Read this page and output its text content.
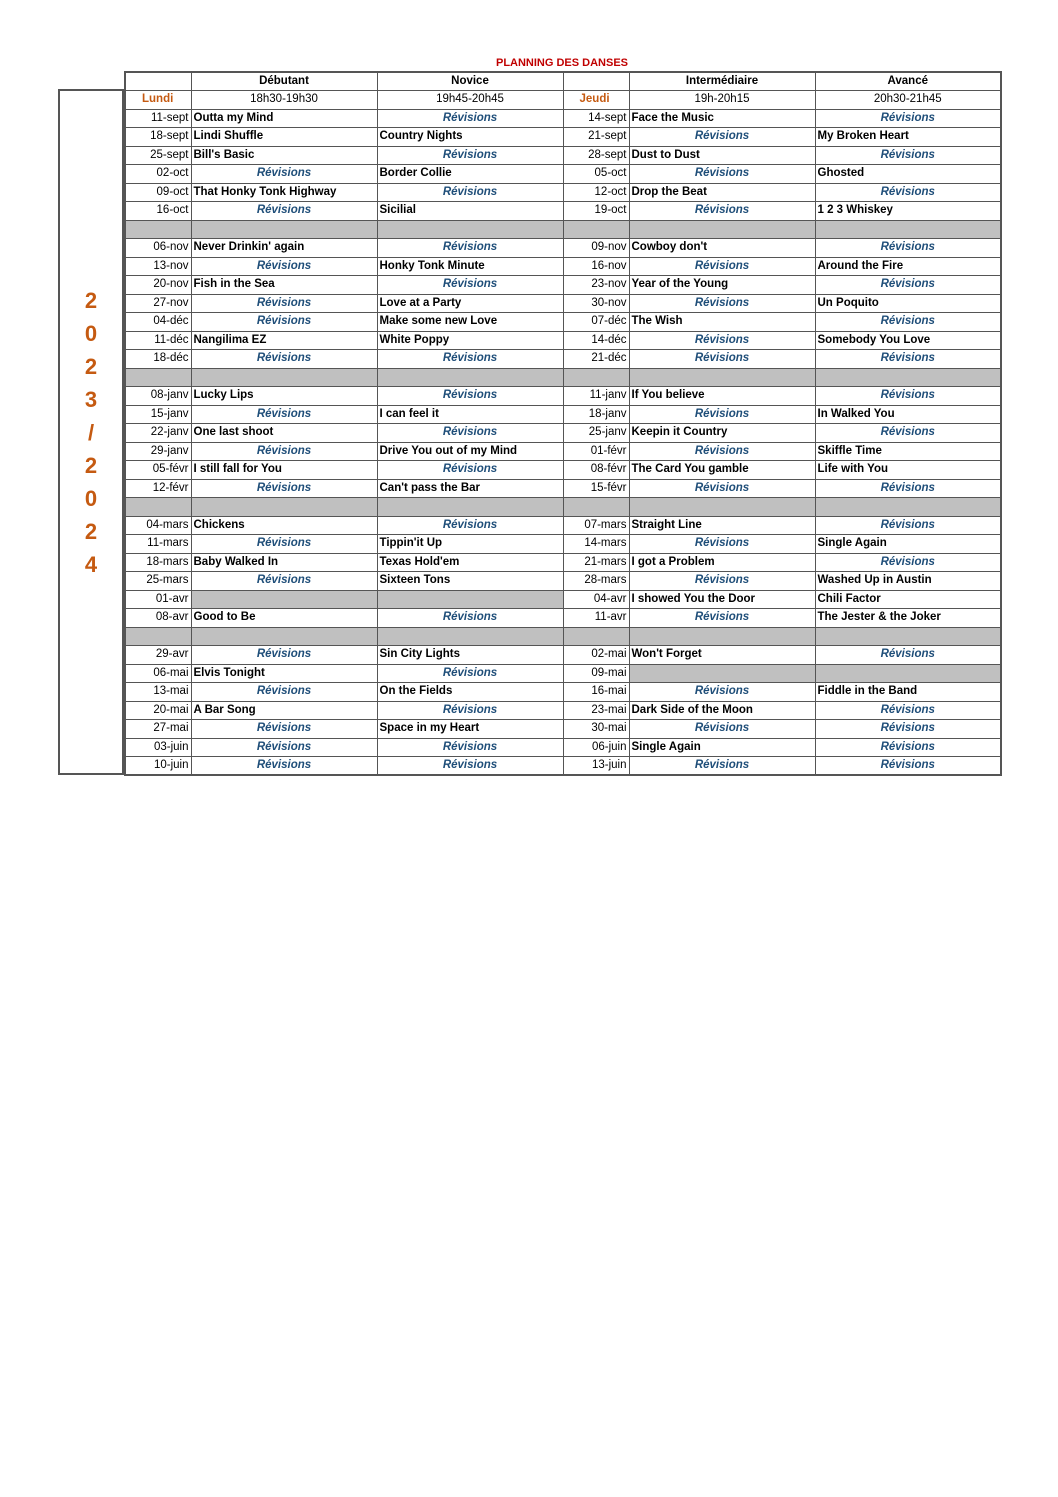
PLANNING DES DANSES
2
0
2
3
/
2
0
2
4
	Débutant	Novice		Intermédiaire	Avancé
Lundi	18h30-19h30	19h45-20h45	Jeudi	19h-20h15	20h30-21h45
11-sept	Outta my Mind	Révisions	14-sept	Face the Music	Révisions
18-sept	Lindi Shuffle	Country Nights	21-sept	Révisions	My Broken Heart
25-sept	Bill's Basic	Révisions	28-sept	Dust to Dust	Révisions
02-oct	Révisions	Border Collie	05-oct	Révisions	Ghosted
09-oct	That Honky Tonk Highway	Révisions	12-oct	Drop the Beat	Révisions
16-oct	Révisions	Sicilial	19-oct	Révisions	1 2 3 Whiskey

06-nov	Never Drinkin' again	Révisions	09-nov	Cowboy don't	Révisions
13-nov	Révisions	Honky Tonk Minute	16-nov	Révisions	Around the Fire
20-nov	Fish in the Sea	Révisions	23-nov	Year of the Young	Révisions
27-nov	Révisions	Love at a Party	30-nov	Révisions	Un Poquito
04-déc	Révisions	Make some new Love	07-déc	The Wish	Révisions
11-déc	Nangilima EZ	White Poppy	14-déc	Révisions	Somebody You Love
18-déc	Révisions	Révisions	21-déc	Révisions	Révisions

08-janv	Lucky Lips	Révisions	11-janv	If You believe	Révisions
15-janv	Révisions	I can feel it	18-janv	Révisions	In Walked You
22-janv	One last shoot	Révisions	25-janv	Keepin it Country	Révisions
29-janv	Révisions	Drive You out of my Mind	01-févr	Révisions	Skiffle Time
05-févr	I still fall for You	Révisions	08-févr	The Card You gamble	Life with You
12-févr	Révisions	Can't pass the Bar	15-févr	Révisions	Révisions

04-mars	Chickens	Révisions	07-mars	Straight Line	Révisions
11-mars	Révisions	Tippin'it Up	14-mars	Révisions	Single Again
18-mars	Baby Walked In	Texas Hold'em	21-mars	I got a Problem	Révisions
25-mars	Révisions	Sixteen Tons	28-mars	Révisions	Washed Up in Austin
01-avr			04-avr	I showed You the Door	Chili Factor
08-avr	Good to Be	Révisions	11-avr	Révisions	The Jester & the Joker

29-avr	Révisions	Sin City Lights	02-mai	Won't Forget	Révisions
06-mai	Elvis Tonight	Révisions	09-mai		
13-mai	Révisions	On the Fields	16-mai	Révisions	Fiddle in the Band
20-mai	A Bar Song	Révisions	23-mai	Dark Side of the Moon	Révisions
27-mai	Révisions	Space in my Heart	30-mai	Révisions	Révisions
03-juin	Révisions	Révisions	06-juin	Single Again	Révisions
10-juin	Révisions	Révisions	13-juin	Révisions	Révisions
